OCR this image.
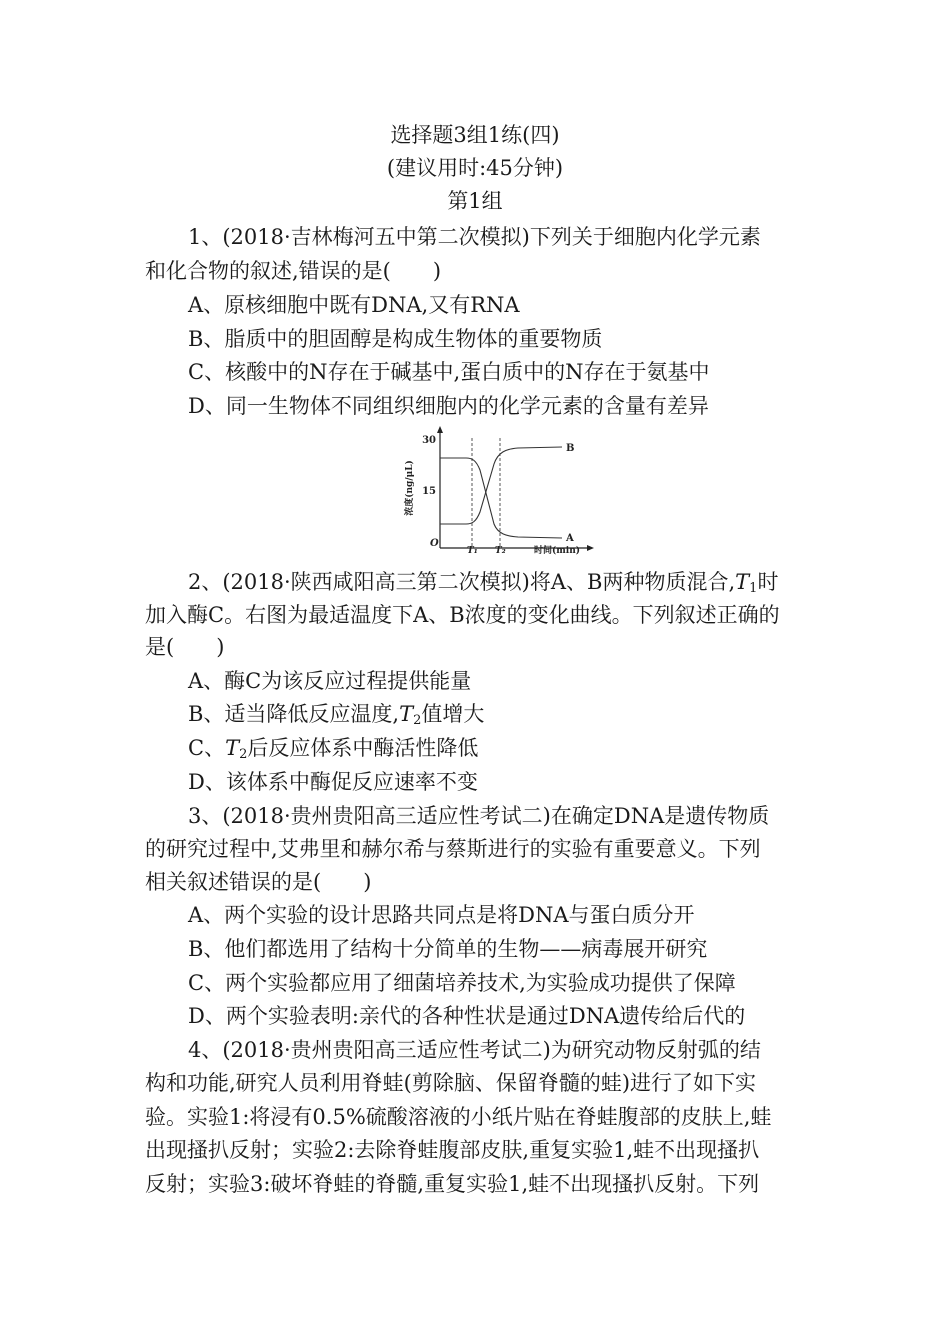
选择题3组1练(四)
(建议用时:45分钟)
第1组
1、(2018·吉林梅河五中第二次模拟)下列关于细胞内化学元素
和化合物的叙述,错误的是(　　)
A、原核细胞中既有DNA,又有RNA
B、脂质中的胆固醇是构成生物体的重要物质
C、核酸中的N存在于碱基中,蛋白质中的N存在于氨基中
D、同一生物体不同组织细胞内的化学元素的含量有差异
浓度(ng/μL)
30
15
O
T₁ T₂	时间(min)
B
A
2、(2018·陕西咸阳高三第二次模拟)将A、B两种物质混合$,T_1$时
加入酶C。右图为最适温度下A、B浓度的变化曲线。下列叙述正确的
是(　　)
A、酶C为该反应过程提供能量
B、适当降低反应温度$,T_2$值增大
C、$T_2$后反应体系中酶活性降低
D、该体系中酶促反应速率不变
3、(2018·贵州贵阳高三适应性考试二)在确定DNA是遗传物质
的研究过程中,艾弗里和赫尔希与蔡斯进行的实验有重要意义。下列
相关叙述错误的是(　　)
A、两个实验的设计思路共同点是将DNA与蛋白质分开
B、他们都选用了结构十分简单的生物——病毒展开研究
C、两个实验都应用了细菌培养技术,为实验成功提供了保障
D、两个实验表明:亲代的各种性状是通过DNA遗传给后代的
4、(2018·贵州贵阳高三适应性考试二)为研究动物反射弧的结
构和功能,研究人员利用脊蛙(剪除脑、保留脊髓的蛙)进行了如下实
验。实验1:将浸有0.5%硫酸溶液的小纸片贴在脊蛙腹部的皮肤上,蛙
出现搔扒反射；实验2:去除脊蛙腹部皮肤,重复实验1,蛙不出现搔扒
反射；实验3:破坏脊蛙的脊髓,重复实验1,蛙不出现搔扒反射。下列
